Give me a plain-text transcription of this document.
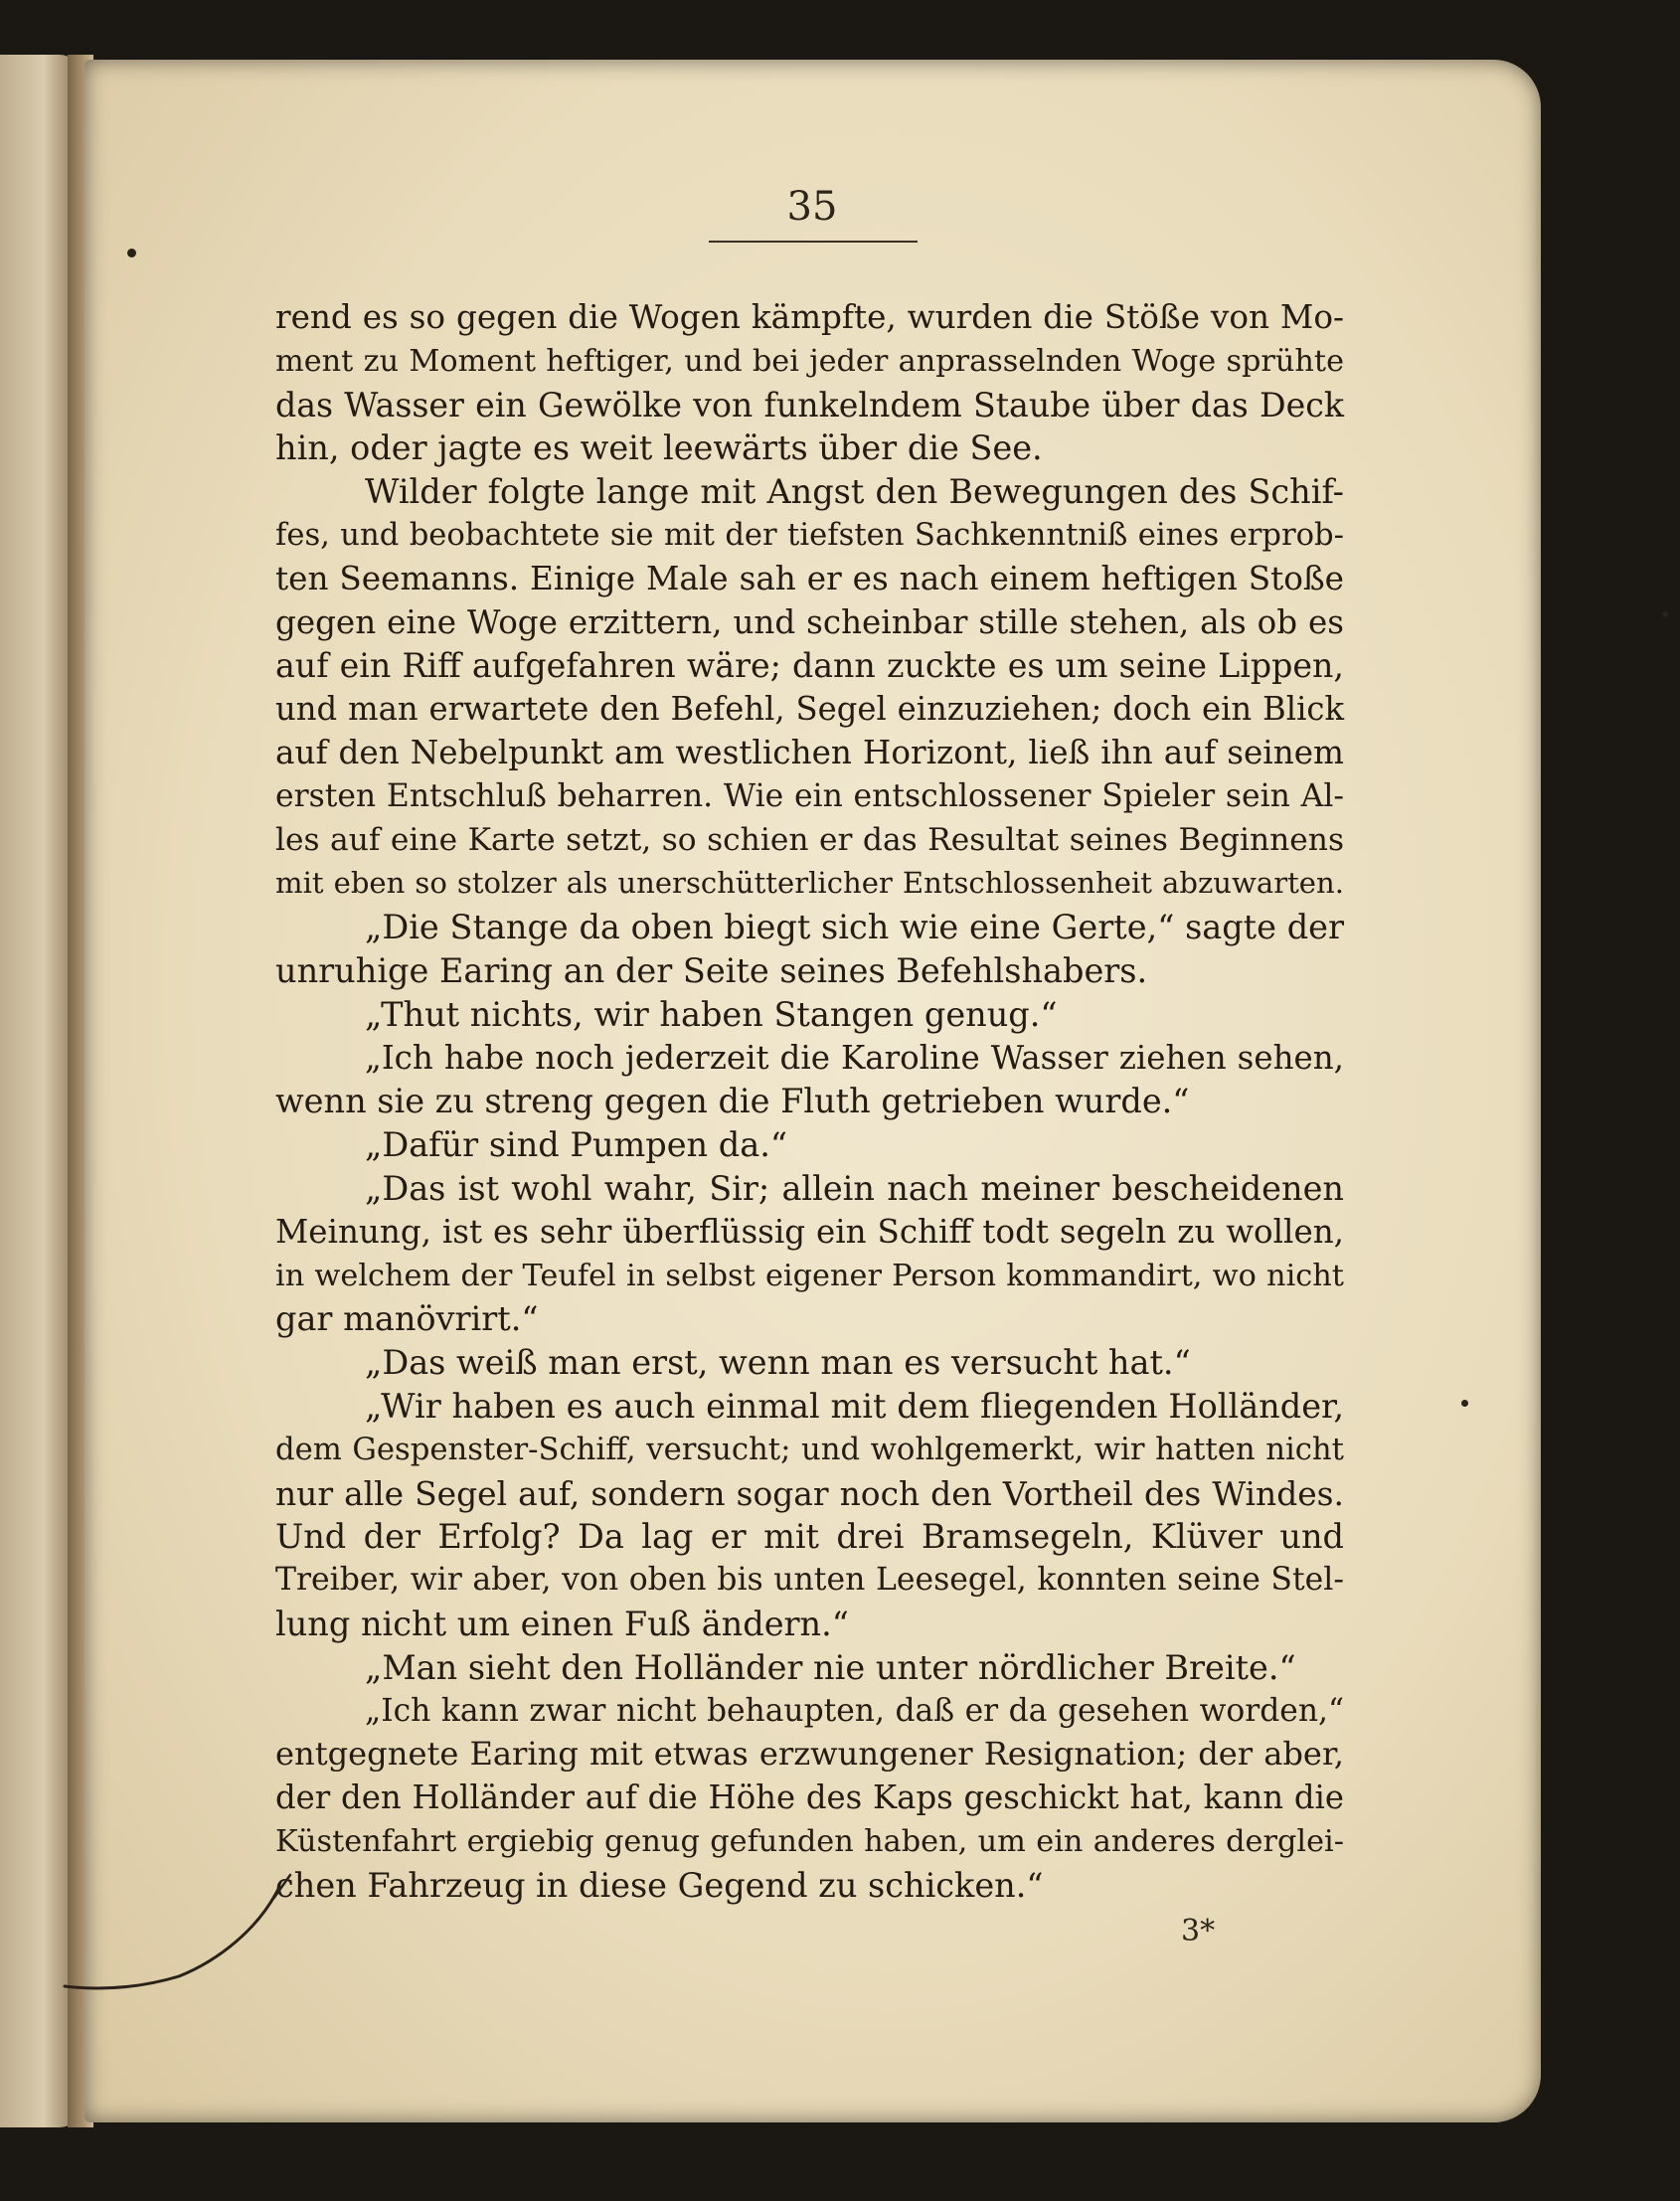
35
rend es so gegen die Wogen kämpfte, wurden die Stöße von Mo-
ment zu Moment heftiger, und bei jeder anprasselnden Woge sprühte
das Wasser ein Gewölke von funkelndem Staube über das Deck
hin, oder jagte es weit leewärts über die See.
Wilder folgte lange mit Angst den Bewegungen des Schif-
fes, und beobachtete sie mit der tiefsten Sachkenntniß eines erprob-
ten Seemanns. Einige Male sah er es nach einem heftigen Stoße
gegen eine Woge erzittern, und scheinbar stille stehen, als ob es
auf ein Riff aufgefahren wäre; dann zuckte es um seine Lippen,
und man erwartete den Befehl, Segel einzuziehen; doch ein Blick
auf den Nebelpunkt am westlichen Horizont, ließ ihn auf seinem
ersten Entschluß beharren. Wie ein entschlossener Spieler sein Al-
les auf eine Karte setzt, so schien er das Resultat seines Beginnens
mit eben so stolzer als unerschütterlicher Entschlossenheit abzuwarten.
„Die Stange da oben biegt sich wie eine Gerte,“ sagte der
unruhige Earing an der Seite seines Befehlshabers.
„Thut nichts, wir haben Stangen genug.“
„Ich habe noch jederzeit die Karoline Wasser ziehen sehen,
wenn sie zu streng gegen die Fluth getrieben wurde.“
„Dafür sind Pumpen da.“
„Das ist wohl wahr, Sir; allein nach meiner bescheidenen
Meinung, ist es sehr überflüssig ein Schiff todt segeln zu wollen,
in welchem der Teufel in selbst eigener Person kommandirt, wo nicht
gar manövrirt.“
„Das weiß man erst, wenn man es versucht hat.“
„Wir haben es auch einmal mit dem fliegenden Holländer,
dem Gespenster-Schiff, versucht; und wohlgemerkt, wir hatten nicht
nur alle Segel auf, sondern sogar noch den Vortheil des Windes.
Und der Erfolg? Da lag er mit drei Bramsegeln, Klüver und
Treiber, wir aber, von oben bis unten Leesegel, konnten seine Stel-
lung nicht um einen Fuß ändern.“
„Man sieht den Holländer nie unter nördlicher Breite.“
„Ich kann zwar nicht behaupten, daß er da gesehen worden,“
entgegnete Earing mit etwas erzwungener Resignation; der aber,
der den Holländer auf die Höhe des Kaps geschickt hat, kann die
Küstenfahrt ergiebig genug gefunden haben, um ein anderes derglei-
chen Fahrzeug in diese Gegend zu schicken.“
3*
